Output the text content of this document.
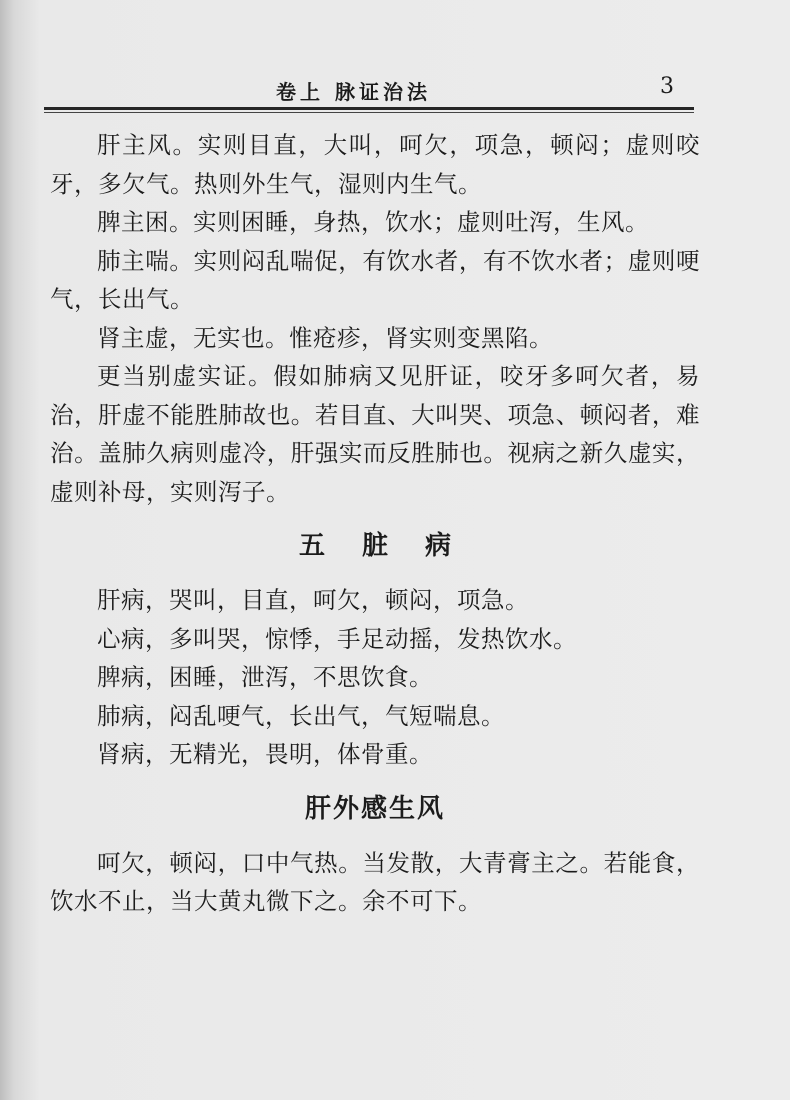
卷上 脉证治法	3

肝主风。实则目直，大叫，呵欠，项急，顿闷；虚则咬牙，多欠气。热则外生气，湿则内生气。

脾主困。实则困睡，身热，饮水；虚则吐泻，生风。

肺主喘。实则闷乱喘促，有饮水者，有不饮水者；虚则哽气，长出气。

肾主虚，无实也。惟疮疹，肾实则变黑陷。

更当别虚实证。假如肺病又见肝证，咬牙多呵欠者，易治，肝虚不能胜肺故也。若目直、大叫哭、项急、顿闷者，难治。盖肺久病则虚冷，肝强实而反胜肺也。视病之新久虚实，虚则补母，实则泻子。

五 脏 病

肝病，哭叫，目直，呵欠，顿闷，项急。

心病，多叫哭，惊悸，手足动摇，发热饮水。

脾病，困睡，泄泻，不思饮食。

肺病，闷乱哽气，长出气，气短喘息。

肾病，无精光，畏明，体骨重。

肝外感生风

呵欠，顿闷，口中气热。当发散，大青膏主之。若能食，饮水不止，当大黄丸微下之。余不可下。
